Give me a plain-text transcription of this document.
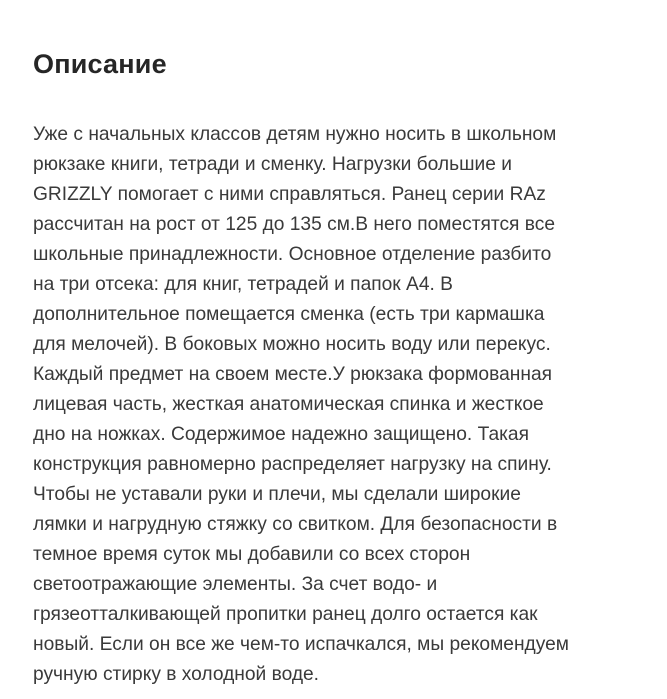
Описание
Уже с начальных классов детям нужно носить в школьном
рюкзаке книги, тетради и сменку. Нагрузки большие и
GRIZZLY помогает с ними справляться. Ранец серии RAz
рассчитан на рост от 125 до 135 см.В него поместятся все
школьные принадлежности. Основное отделение разбито
на три отсека: для книг, тетрадей и папок А4. В
дополнительное помещается сменка (есть три кармашка
для мелочей). В боковых можно носить воду или перекус.
Каждый предмет на своем месте.У рюкзака формованная
лицевая часть, жесткая анатомическая спинка и жесткое
дно на ножках. Содержимое надежно защищено. Такая
конструкция равномерно распределяет нагрузку на спину.
Чтобы не уставали руки и плечи, мы сделали широкие
лямки и нагрудную стяжку со свитком. Для безопасности в
темное время суток мы добавили со всех сторон
светоотражающие элементы. За счет водо- и
грязеотталкивающей пропитки ранец долго остается как
новый. Если он все же чем-то испачкался, мы рекомендуем
ручную стирку в холодной воде.
